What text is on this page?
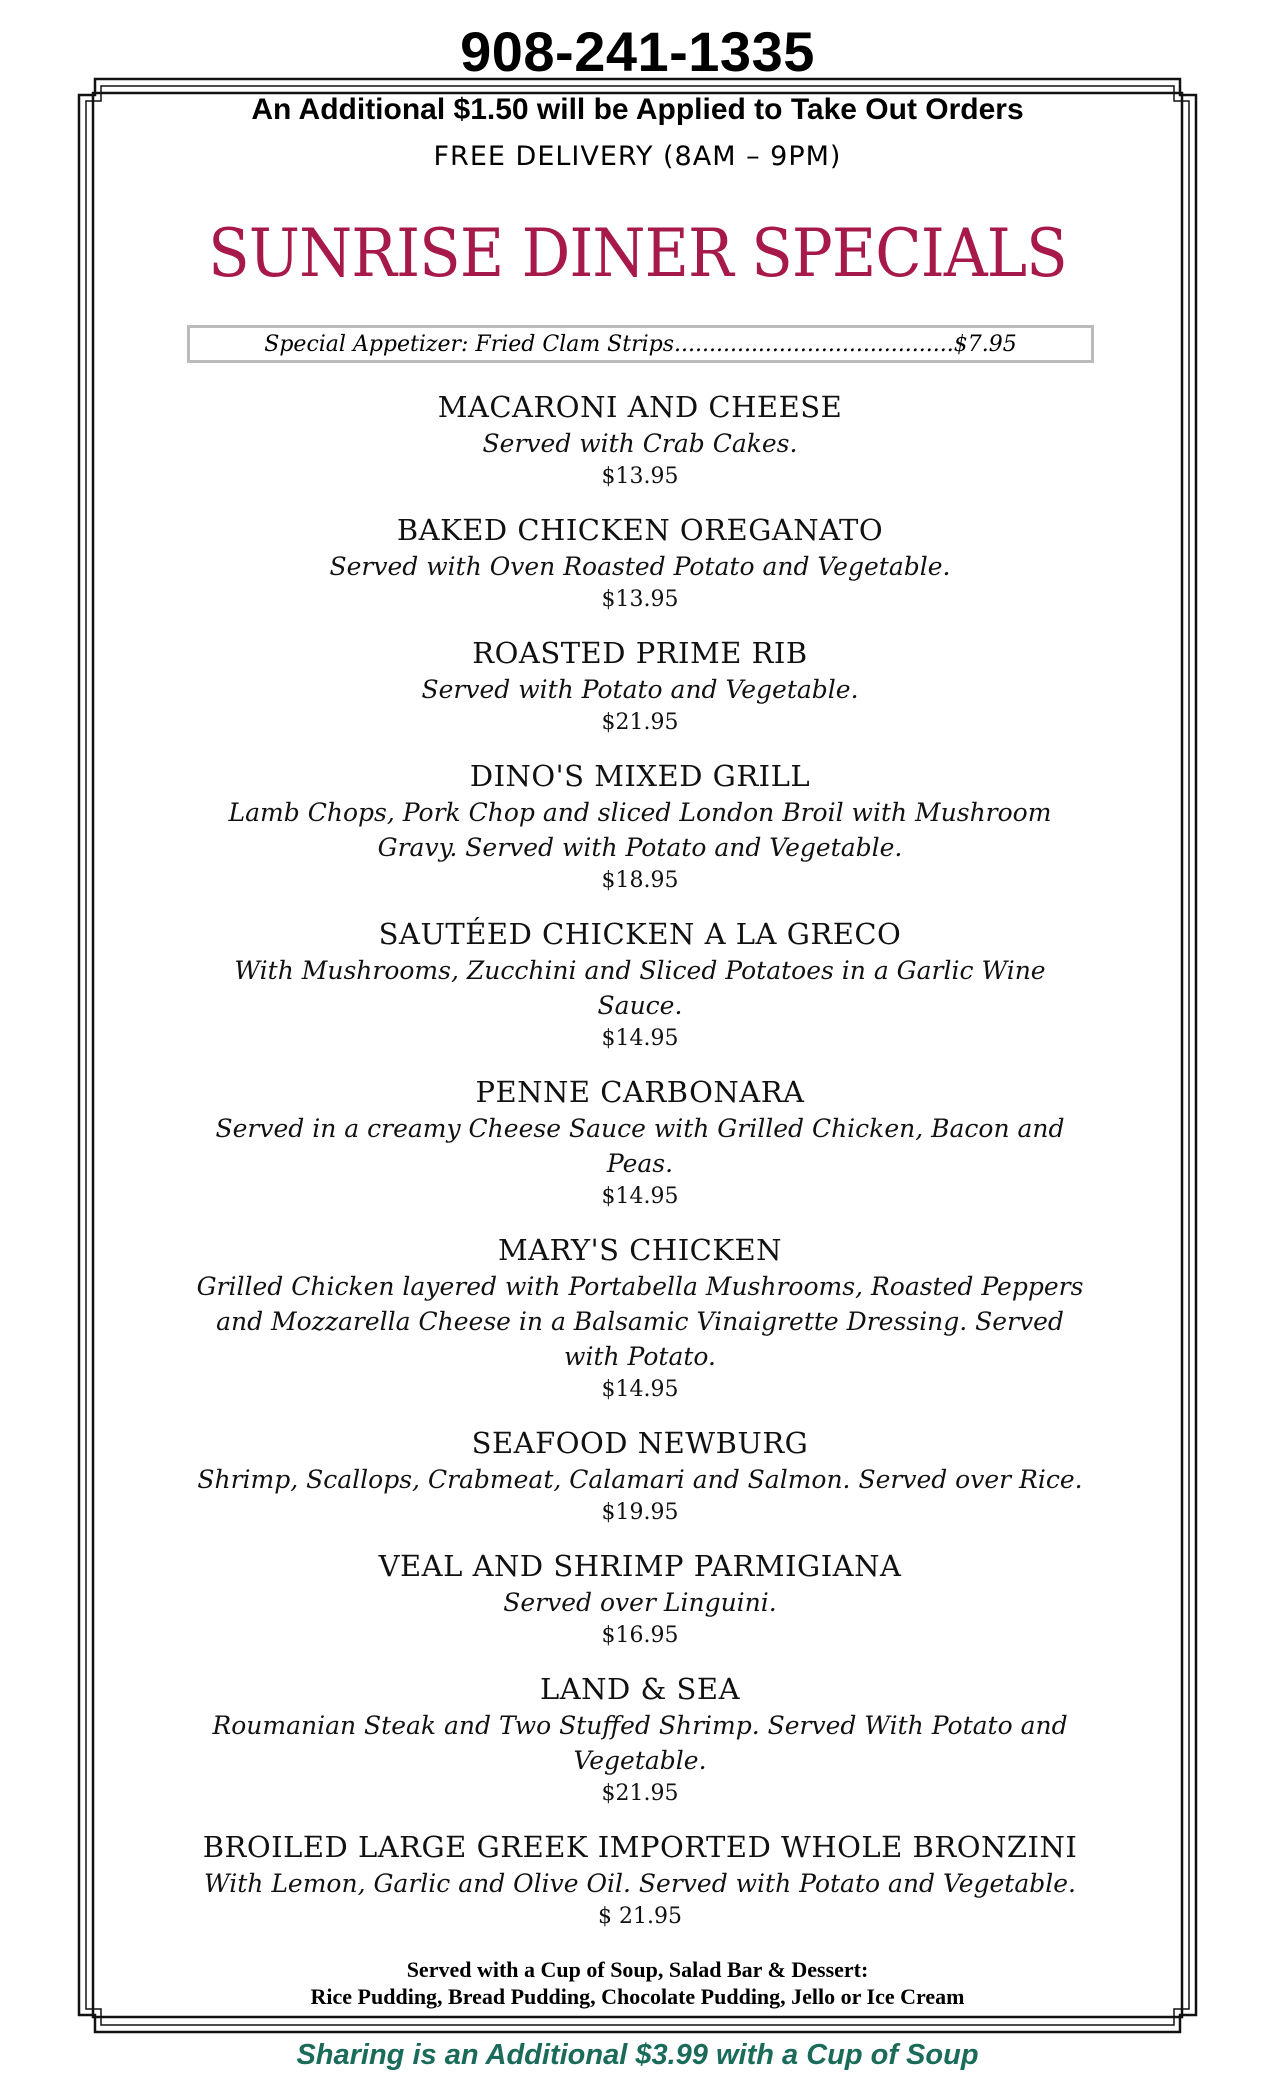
908-241-1335
An Additional $1.50 will be Applied to Take Out Orders
FREE DELIVERY (8AM – 9PM)
SUNRISE DINER SPECIALS
Special Appetizer: Fried Clam Strips........................................$7.95
MACARONI AND CHEESE
Served with Crab Cakes.
$13.95
BAKED CHICKEN OREGANATO
Served with Oven Roasted Potato and Vegetable.
$13.95
ROASTED PRIME RIB
Served with Potato and Vegetable.
$21.95
DINO'S MIXED GRILL
Lamb Chops, Pork Chop and sliced London Broil with Mushroom Gravy. Served with Potato and Vegetable.
$18.95
SAUTÉED CHICKEN A LA GRECO
With Mushrooms, Zucchini and Sliced Potatoes in a Garlic Wine Sauce.
$14.95
PENNE CARBONARA
Served in a creamy Cheese Sauce with Grilled Chicken, Bacon and Peas.
$14.95
MARY'S CHICKEN
Grilled Chicken layered with Portabella Mushrooms, Roasted Peppers and Mozzarella Cheese in a Balsamic Vinaigrette Dressing. Served with Potato.
$14.95
SEAFOOD NEWBURG
Shrimp, Scallops, Crabmeat, Calamari and Salmon. Served over Rice.
$19.95
VEAL AND SHRIMP PARMIGIANA
Served over Linguini.
$16.95
LAND & SEA
Roumanian Steak and Two Stuffed Shrimp. Served With Potato and Vegetable.
$21.95
BROILED LARGE GREEK IMPORTED WHOLE BRONZINI
With Lemon, Garlic and Olive Oil. Served with Potato and Vegetable.
$ 21.95
Served with a Cup of Soup, Salad Bar & Dessert:
Rice Pudding, Bread Pudding, Chocolate Pudding, Jello or Ice Cream
Sharing is an Additional $3.99 with a Cup of Soup
